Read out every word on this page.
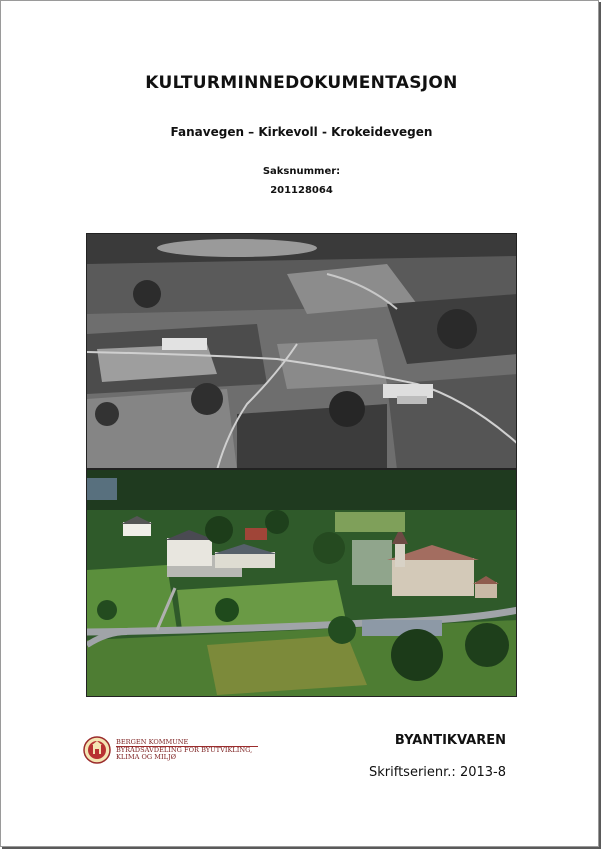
KULTURMINNEDOKUMENTASJON
Fanavegen – Kirkevoll - Krokeidevegen
Saksnummer:
201128064
BERGEN KOMMUNE
BYRÅDSAVDELING FOR BYUTVIKLING,
KLIMA OG MILJØ
BYANTIKVAREN
Skriftserienr.: 2013-8
